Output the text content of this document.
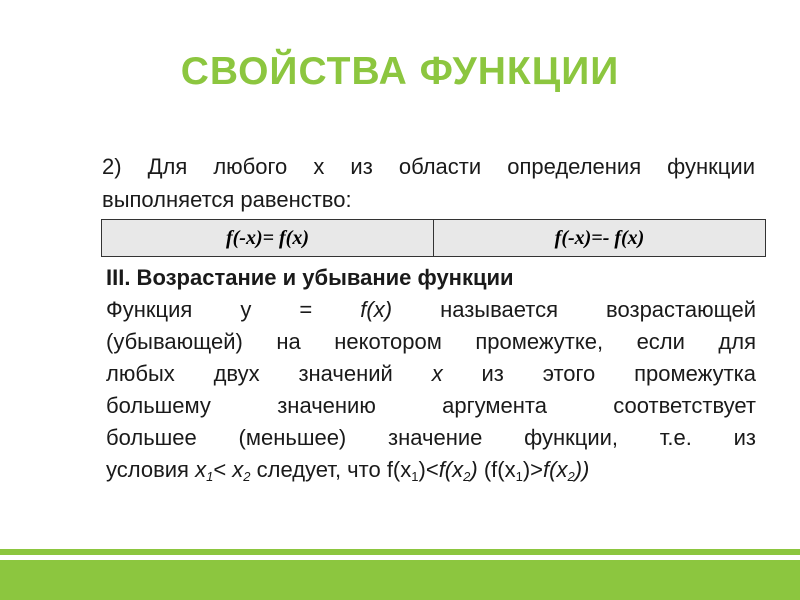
СВОЙСТВА ФУНКЦИИ
2) Для любого x из области определения функции
выполняется равенство:
f(-x)= f(x)	f(-x)=- f(x)
III. Возрастание и убывание функции
Функция у = f(x) называется возрастающей
(убывающей) на некотором промежутке, если для
любых двух значений х из этого промежутка
большему значению аргумента соответствует
большее (меньшее) значение функции, т.е. из
условия $x_1< x_2$ следует, что $f(x_1)<f(x_2)$ $(f(x_1)>f(x_2))$
